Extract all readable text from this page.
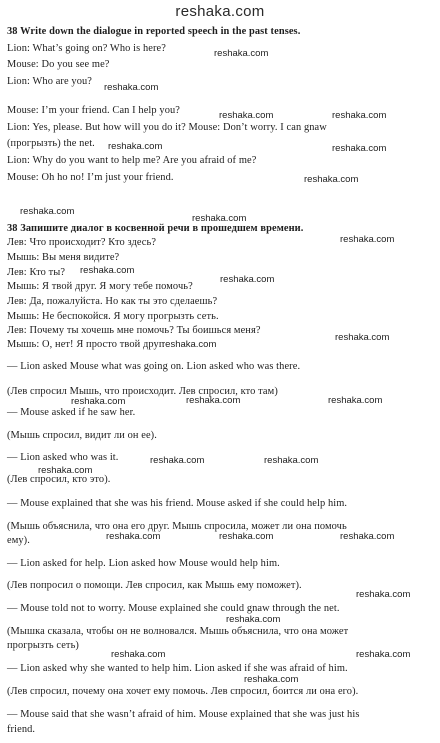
reshaka.com
38 Write down the dialogue in reported speech in the past tenses.
Lion: What’s going on? Who is here?
Mouse: Do you see me?
Lion: Who are you?
Mouse: I’m your friend. Can I help you?
Lion: Yes, please. But how will you do it? Mouse: Don’t worry. I can gnaw
(прогрызть) the net.
Lion: Why do you want to help me? Are you afraid of me?
Mouse: Oh ho no! I’m just your friend.
38 Запишите диалог в косвенной речи в прошедшем времени.
Лев: Что происходит? Кто здесь?
Мышь: Вы меня видите?
Лев: Кто ты?
Мышь: Я твой друг. Я могу тебе помочь?
Лев: Да, пожалуйста. Но как ты это сделаешь?
Мышь: Не беспокойся. Я могу прогрызть сеть.
Лев: Почему ты хочешь мне помочь? Ты боишься меня?
Мышь: О, нет! Я просто твой друг.
— Lion asked Mouse what was going on. Lion asked who was there.
(Лев спросил Мышь, что происходит. Лев спросил, кто там)
— Mouse asked if he saw her.
(Мышь спросил, видит ли он ее).
— Lion asked who was it.
(Лев спросил, кто это).
— Mouse explained that she was his friend. Mouse asked if she could help him.
(Мышь объяснила, что она его друг. Мышь спросила, может ли она помочь
ему).
— Lion asked for help. Lion asked how Mouse would help him.
(Лев попросил о помощи. Лев спросил, как Мышь ему поможет).
— Mouse told not to worry. Mouse explained she could gnaw through the net.
(Мышка сказала, чтобы он не волновался. Мышь объяснила, что она может
прогрызть сеть)
— Lion asked why she wanted to help him. Lion asked if she was afraid of him.
(Лев спросил, почему она хочет ему помочь. Лев спросил, боится ли она его).
— Mouse said that she wasn’t afraid of him. Mouse explained that she was just his
friend.
reshaka.com
reshaka.com
reshaka.com	reshaka.com
reshaka.com	reshaka.com
reshaka.com
reshaka.com
reshaka.com
reshaka.com
reshaka.com
reshaka.com
reshaka.com
reshaka.com
reshaka.com	reshaka.com	reshaka.com
reshaka.com	reshaka.com
reshaka.com
reshaka.com	reshaka.com	reshaka.com
reshaka.com
reshaka.com
reshaka.com	reshaka.com
reshaka.com
